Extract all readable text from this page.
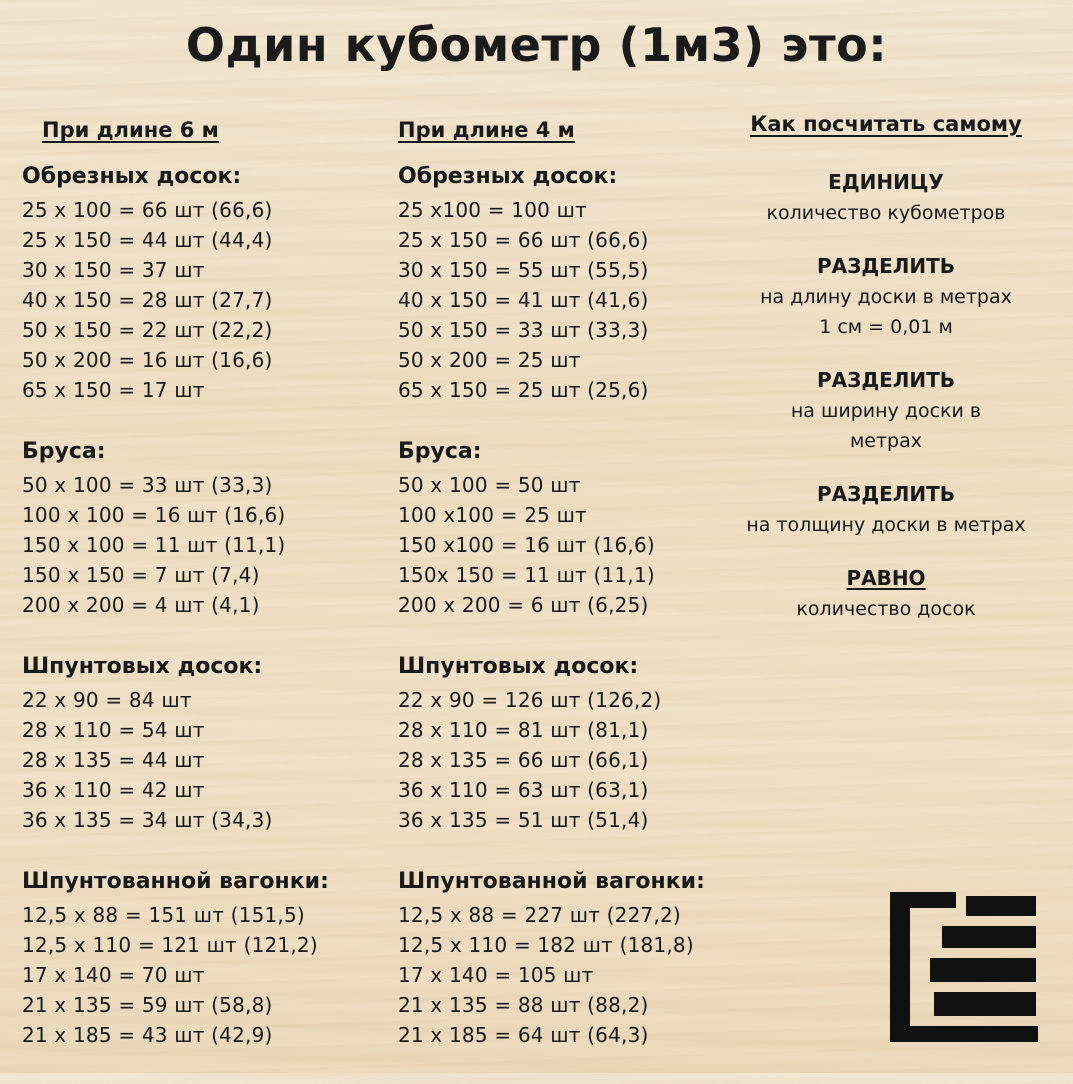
Один кубометр (1м3) это:
При длине 6 м
Обрезных досок:
25 x 100 = 66 шт (66,6)
25 x 150 = 44 шт (44,4)
30 x 150 = 37 шт
40 x 150 = 28 шт (27,7)
50 x 150 = 22 шт (22,2)
50 x 200 = 16 шт (16,6)
65 x 150 = 17 шт
Бруса:
50 x 100 = 33 шт (33,3)
100 x 100 = 16 шт (16,6)
150 x 100 = 11 шт (11,1)
150 x 150 = 7 шт (7,4)
200 x 200 = 4 шт (4,1)
Шпунтовых досок:
22 x 90 = 84 шт
28 x 110 = 54 шт
28 x 135 = 44 шт
36 x 110 = 42 шт
36 x 135 = 34 шт (34,3)
Шпунтованной вагонки:
12,5 x 88 = 151 шт (151,5)
12,5 x 110 = 121 шт (121,2)
17 x 140 = 70 шт
21 x 135 = 59 шт (58,8)
21 x 185 = 43 шт (42,9)
При длине 4 м
Обрезных досок:
25 x100 = 100 шт
25 x 150 = 66 шт (66,6)
30 x 150 = 55 шт (55,5)
40 x 150 = 41 шт (41,6)
50 x 150 = 33 шт (33,3)
50 x 200 = 25 шт
65 x 150 = 25 шт (25,6)
Бруса:
50 x 100 = 50 шт
100 x100 = 25 шт
150 x100 = 16 шт (16,6)
150x 150 = 11 шт (11,1)
200 x 200 = 6 шт (6,25)
Шпунтовых досок:
22 x 90 = 126 шт (126,2)
28 x 110 = 81 шт (81,1)
28 x 135 = 66 шт (66,1)
36 x 110 = 63 шт (63,1)
36 x 135 = 51 шт (51,4)
Шпунтованной вагонки:
12,5 x 88 = 227 шт (227,2)
12,5 x 110 = 182 шт (181,8)
17 x 140 = 105 шт
21 x 135 = 88 шт (88,2)
21 x 185 = 64 шт (64,3)
Как посчитать самому
ЕДИНИЦУ
количество кубометров
РАЗДЕЛИТЬ
на длину доски в метрах
1 см = 0,01 м
РАЗДЕЛИТЬ
на ширину доски в метрах
РАЗДЕЛИТЬ
на толщину доски в метрах
РАВНО
количество досок
